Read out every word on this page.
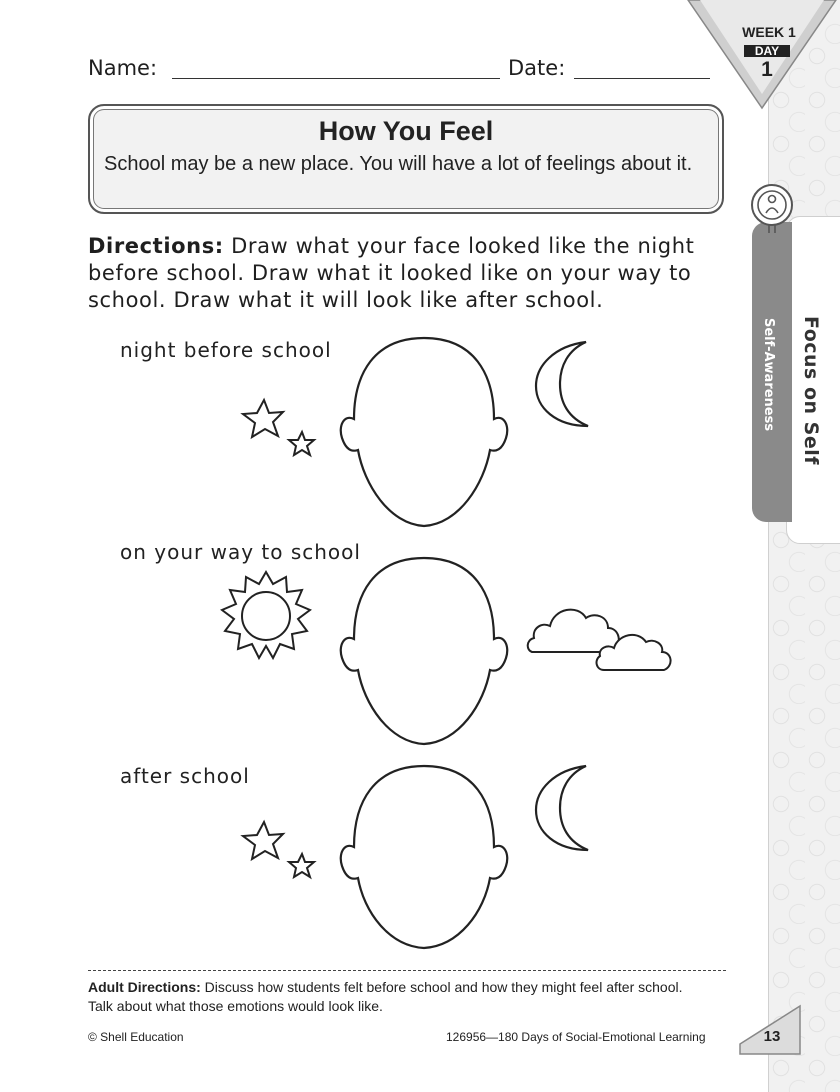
Focus on Self
Self-Awareness
WEEK 1
DAY
1
Name:	Date:
How You Feel
School may be a new place. You will have a lot of feelings about it.
Directions: Draw what your face looked like the night before school. Draw what it looked like on your way to school. Draw what it will look like after school.
night before school
on your way to school
after school
Adult Directions: Discuss how students felt before school and how they might feel after school. Talk about what those emotions would look like.
© Shell Education	126956—180 Days of Social-Emotional Learning	13
